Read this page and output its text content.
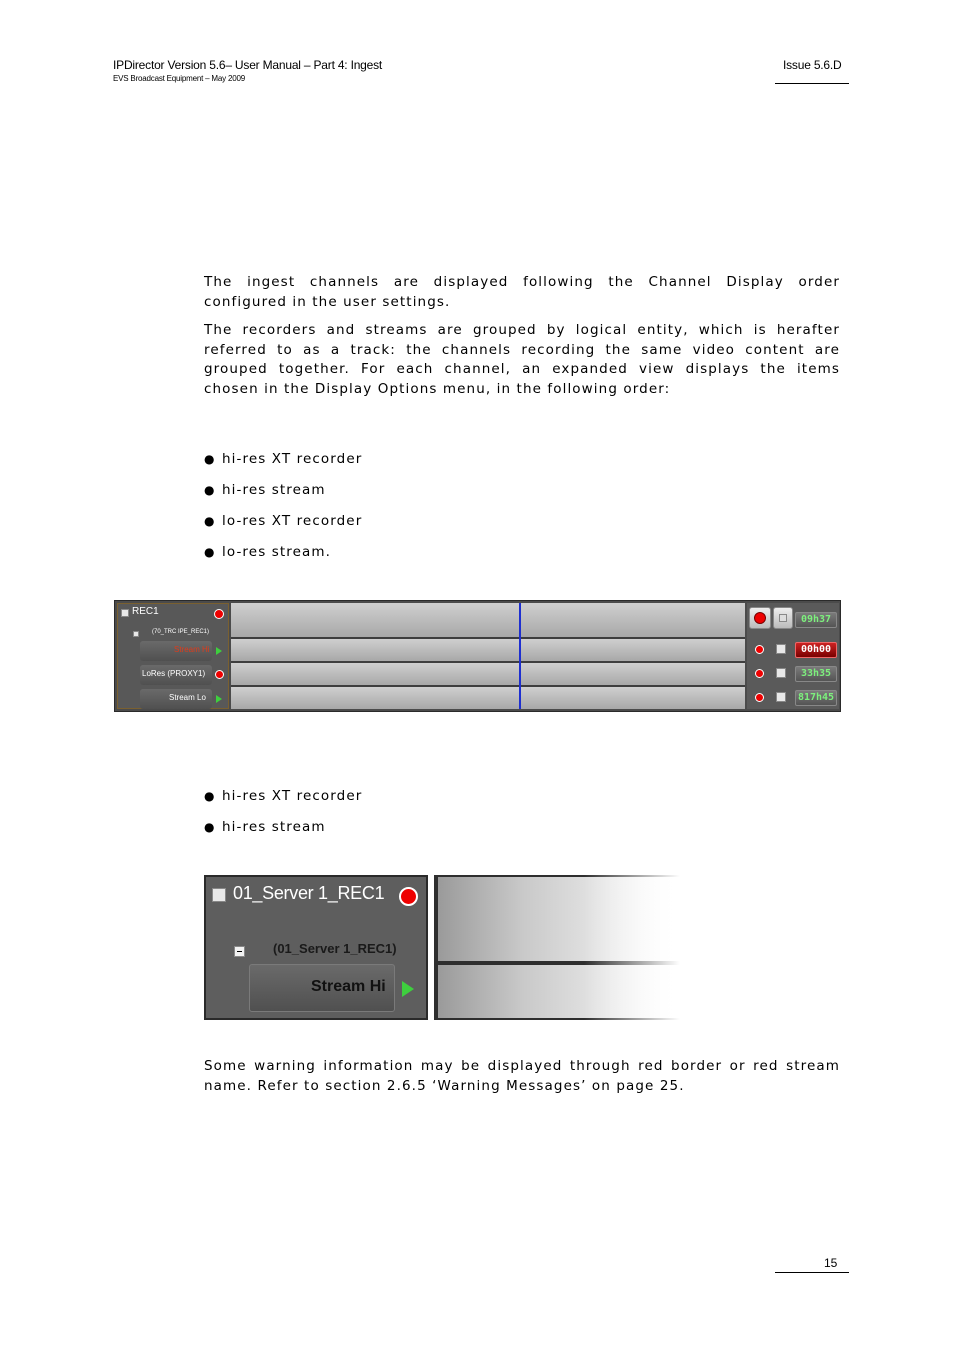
IPDirector Version 5.6– User Manual – Part 4: Ingest
EVS Broadcast Equipment – May 2009
Issue 5.6.D
The ingest channels are displayed following the Channel Display order configured in the user settings.
The recorders and streams are grouped by logical entity, which is herafter referred to as a track: the channels recording the same video content are grouped together. For each channel, an expanded view displays the items chosen in the Display Options menu, in the following order:
● hi-res XT recorder
● hi-res stream
● lo-res XT recorder
● lo-res stream.
REC1
(70_TRC IPE_REC1)
Stream Hi
LoRes (PROXY1)
Stream Lo
09h37
00h00
33h35
817h45
● hi-res XT recorder
● hi-res stream
01_Server 1_REC1
(01_Server 1_REC1)
Stream Hi
Some warning information may be displayed through red border or red stream name. Refer to section 2.6.5 ‘Warning Messages’ on page 25.
15
